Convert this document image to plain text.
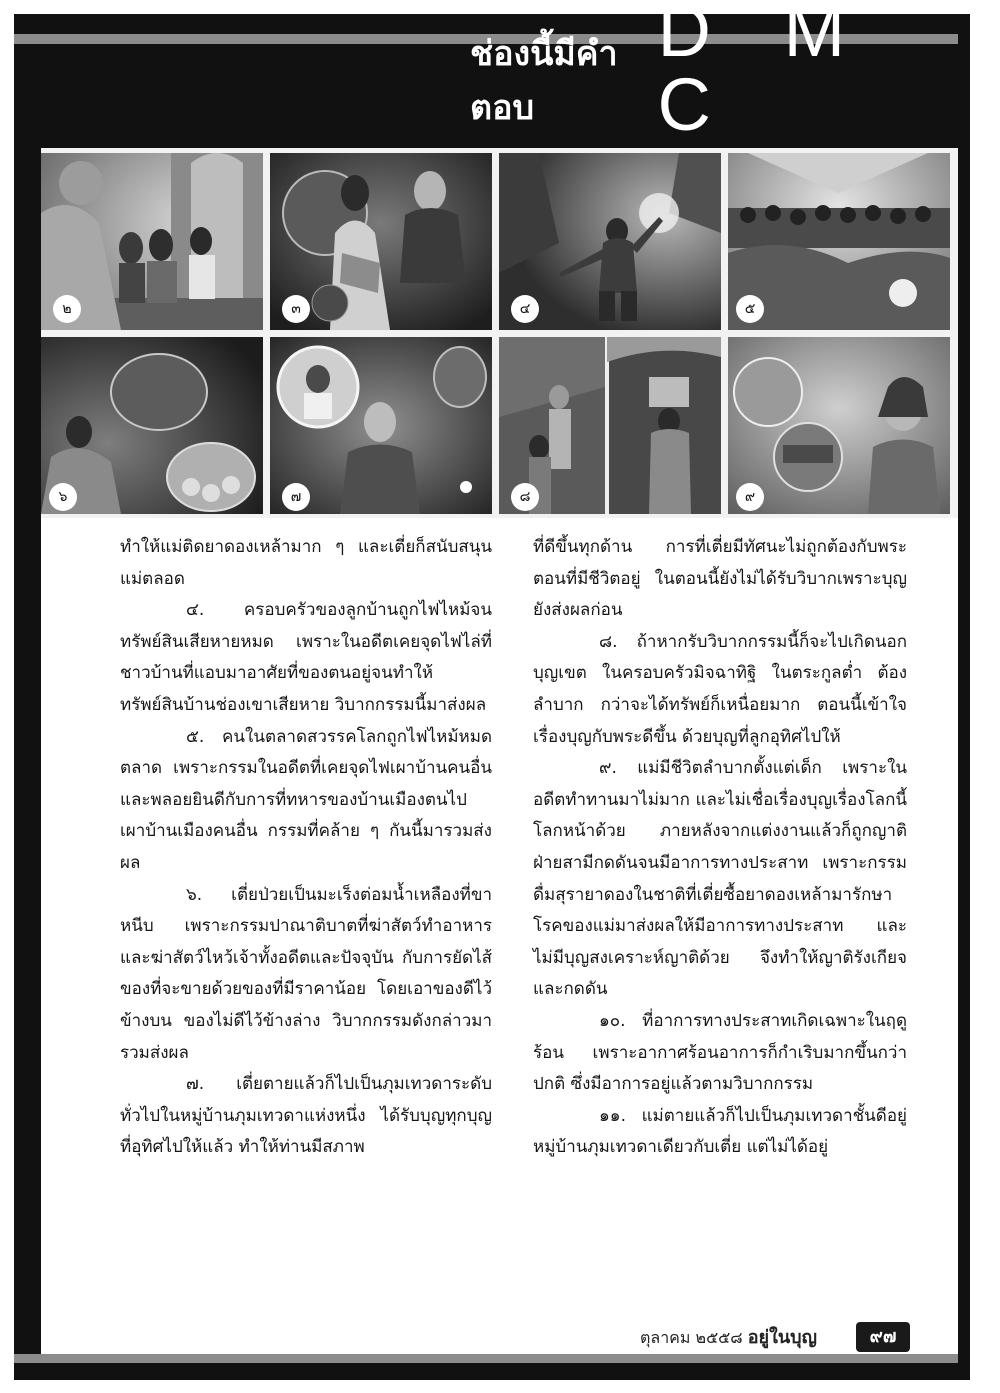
ช่องนี้มีคำตอบ
D M C
๒	๓	๔	๕
๖	๗	๘	๙

ทำให้แม่ติดยาดองเหล้ามาก ๆ และเตี่ยก็สนับสนุนแม่ตลอด

๔. ครอบครัวของลูกบ้านถูกไฟไหม้จนทรัพย์สินเสียหายหมด เพราะในอดีตเคยจุดไฟไล่ที่ชาวบ้านที่แอบมาอาศัยที่ของตนอยู่จนทำให้ทรัพย์สินบ้านช่องเขาเสียหาย วิบากกรรมนี้มาส่งผล

๕. คนในตลาดสวรรคโลกถูกไฟไหม้หมดตลาด เพราะกรรมในอดีตที่เคยจุดไฟเผาบ้านคนอื่น และพลอยยินดีกับการที่ทหารของบ้านเมืองตนไปเผาบ้านเมืองคนอื่น กรรมที่คล้าย ๆ กันนี้มารวมส่งผล

๖. เตี่ยป่วยเป็นมะเร็งต่อมน้ำเหลืองที่ขาหนีบ เพราะกรรมปาณาติบาตที่ฆ่าสัตว์ทำอาหารและฆ่าสัตว์ไหว้เจ้าทั้งอดีตและปัจจุบัน กับการยัดไส้ของที่จะขายด้วยของที่มีราคาน้อย โดยเอาของดีไว้ข้างบน ของไม่ดีไว้ข้างล่าง วิบากกรรมดังกล่าวมารวมส่งผล

๗. เตี่ยตายแล้วก็ไปเป็นภุมเทวดาระดับทั่วไปในหมู่บ้านภุมเทวดาแห่งหนึ่ง ได้รับบุญทุกบุญที่อุทิศไปให้แล้ว ทำให้ท่านมีสภาพ

ที่ดีขึ้นทุกด้าน การที่เตี่ยมีทัศนะไม่ถูกต้องกับพระตอนที่มีชีวิตอยู่ ในตอนนี้ยังไม่ได้รับวิบากเพราะบุญยังส่งผลก่อน

๘. ถ้าหากรับวิบากกรรมนี้ก็จะไปเกิดนอกบุญเขต ในครอบครัวมิจฉาทิฐิ ในตระกูลต่ำ ต้องลำบาก กว่าจะได้ทรัพย์ก็เหนื่อยมาก ตอนนี้เข้าใจเรื่องบุญกับพระดีขึ้น ด้วยบุญที่ลูกอุทิศไปให้

๙. แม่มีชีวิตลำบากตั้งแต่เด็ก เพราะในอดีตทำทานมาไม่มาก และไม่เชื่อเรื่องบุญเรื่องโลกนี้โลกหน้าด้วย ภายหลังจากแต่งงานแล้วก็ถูกญาติฝ่ายสามีกดดันจนมีอาการทางประสาท เพราะกรรมดื่มสุรายาดองในชาติที่เตี่ยซื้อยาดองเหล้ามารักษาโรคของแม่มาส่งผลให้มีอาการทางประสาท และไม่มีบุญสงเคราะห์ญาติด้วย จึงทำให้ญาติรังเกียจและกดดัน

๑๐. ที่อาการทางประสาทเกิดเฉพาะในฤดูร้อน เพราะอากาศร้อนอาการก็กำเริบมากขึ้นกว่าปกติ ซึ่งมีอาการอยู่แล้วตามวิบากกรรม

๑๑. แม่ตายแล้วก็ไปเป็นภุมเทวดาชั้นดีอยู่หมู่บ้านภุมเทวดาเดียวกับเตี่ย แต่ไม่ได้อยู่

ตุลาคม ๒๕๕๘ อยู่ในบุญ	๙๗
